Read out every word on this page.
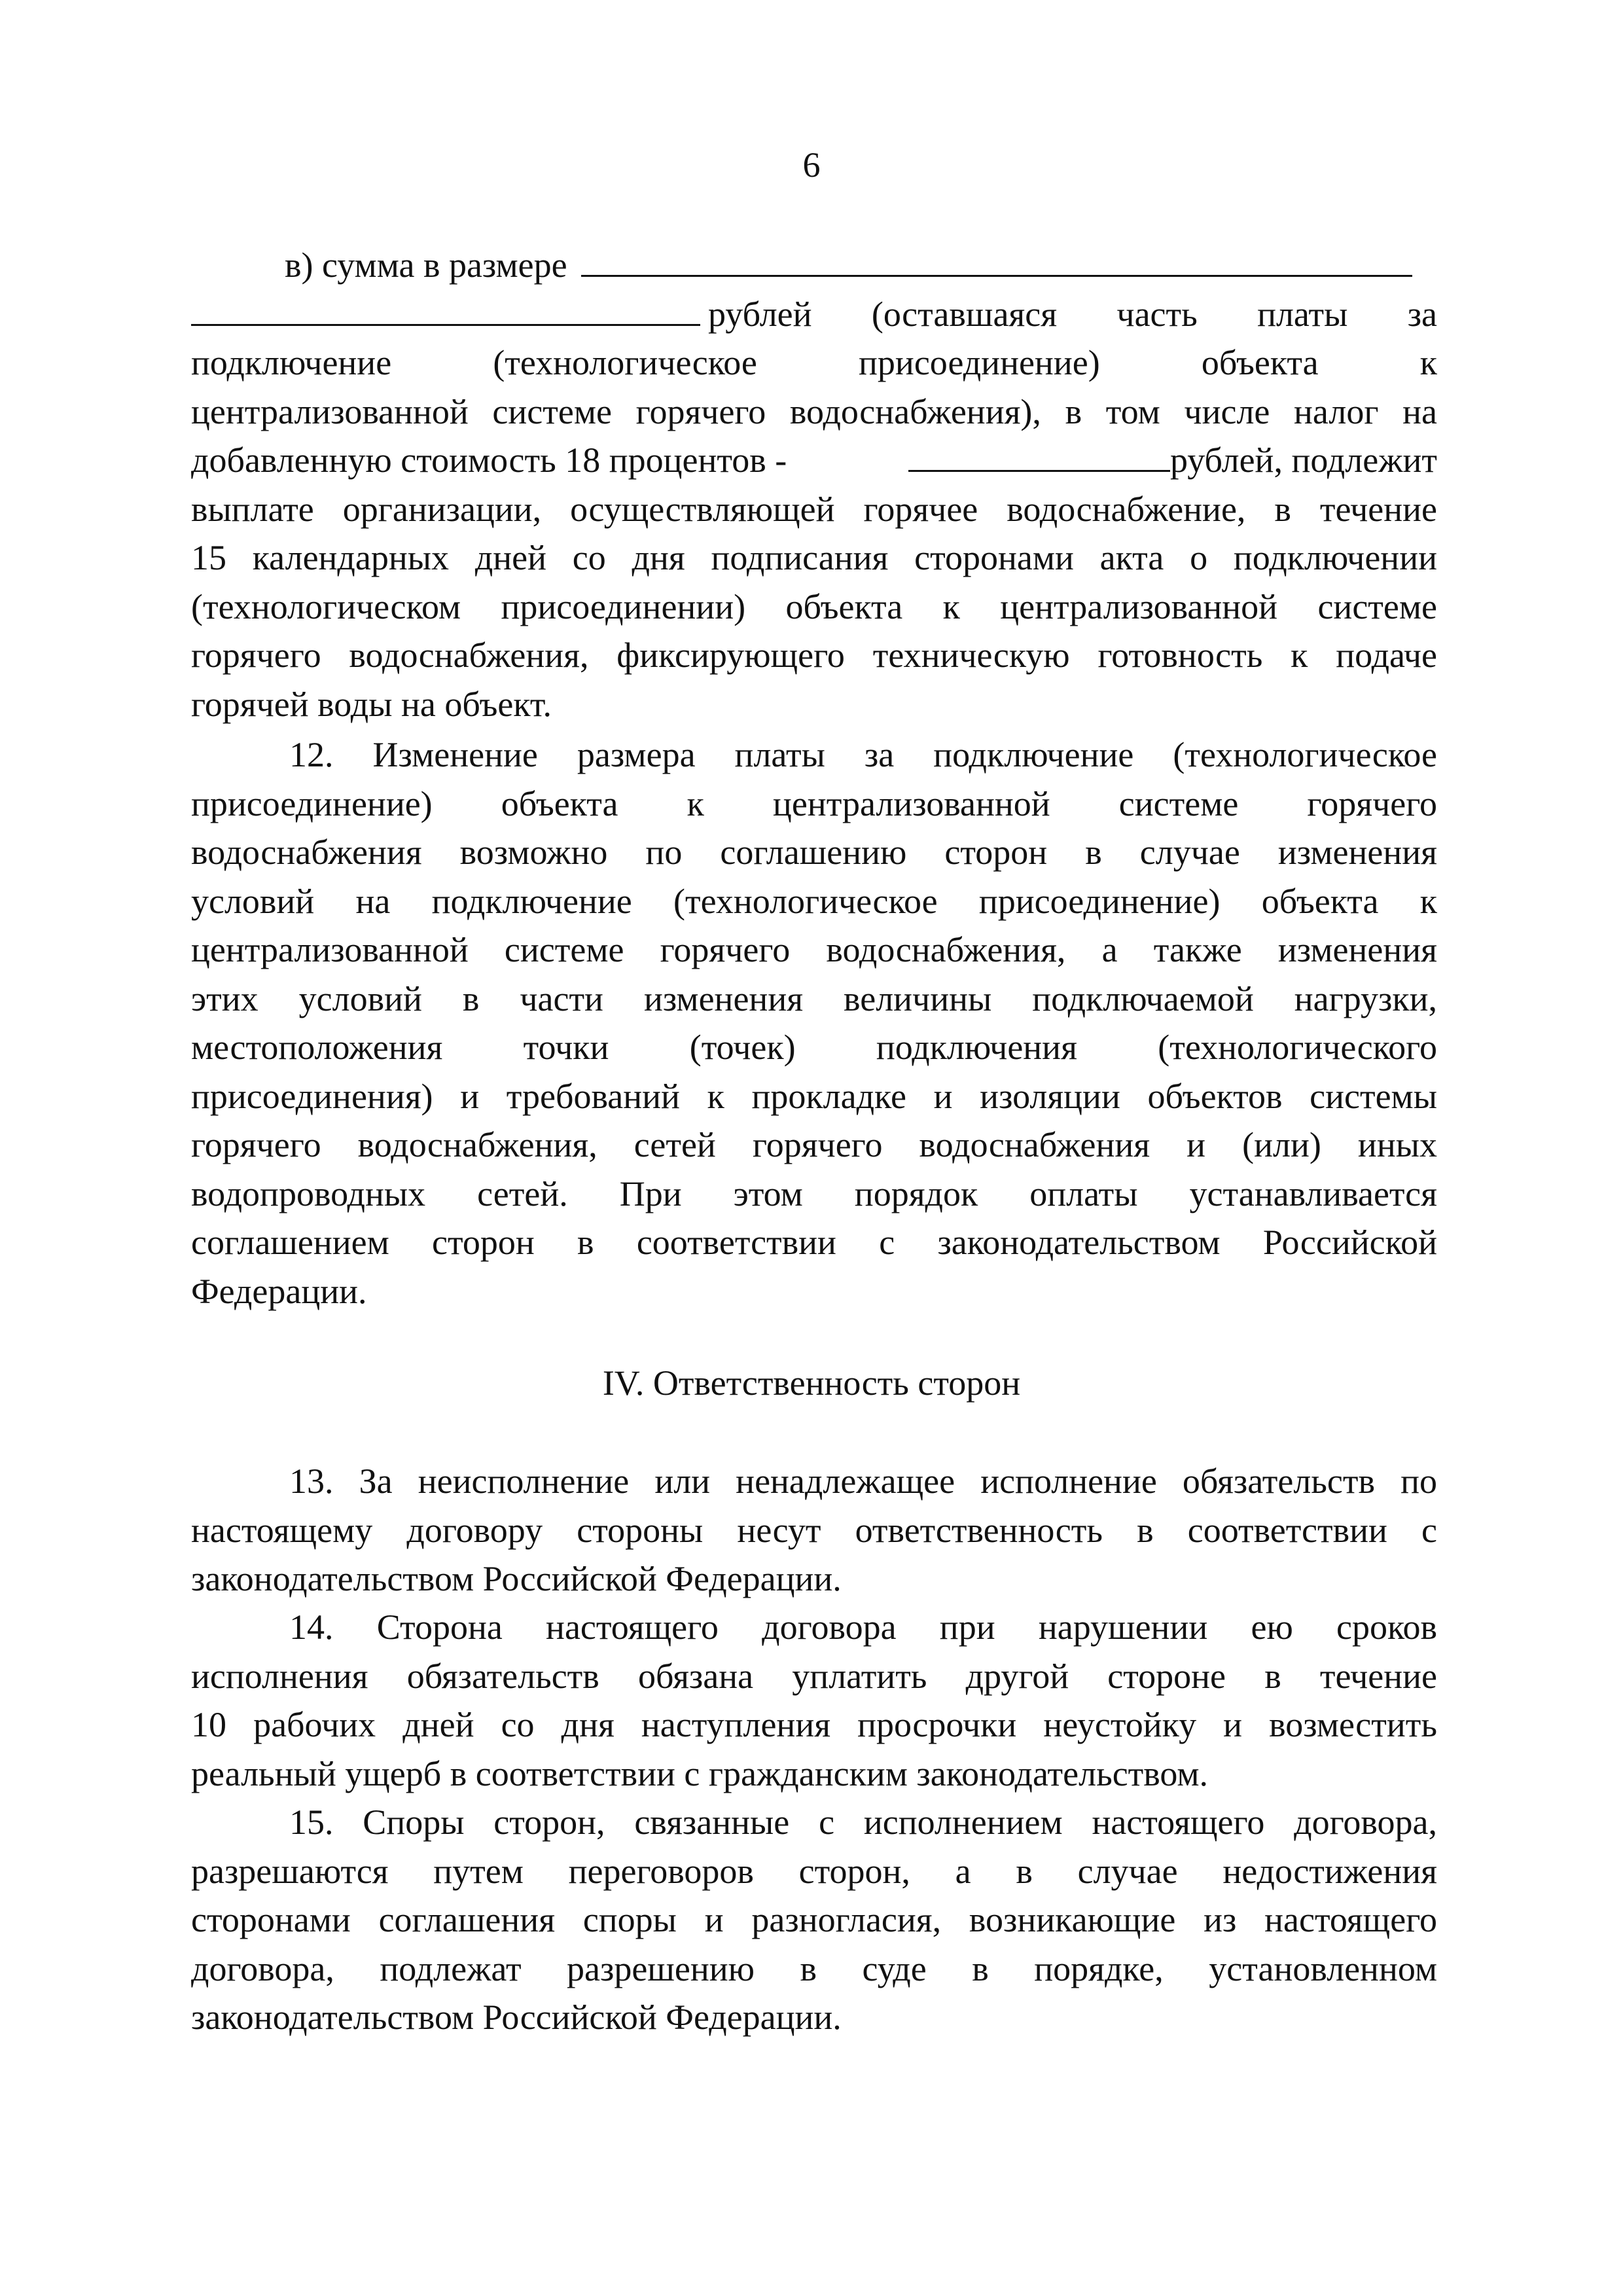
6
в) сумма в размере
рублей (оставшаяся часть платы за
подключение	(технологическое	присоединение)	объекта	к
централизованной системе горячего водоснабжения), в том числе налог на
добавленную стоимость 18 процентов -	рублей, подлежит
выплате организации, осуществляющей горячее водоснабжение, в течение
15 календарных дней со дня подписания сторонами акта о подключении
(технологическом присоединении) объекта к централизованной системе
горячего водоснабжения, фиксирующего техническую готовность к подаче
горячей воды на объект.
12. Изменение размера платы за подключение (технологическое
присоединение) объекта к централизованной системе горячего
водоснабжения возможно по соглашению сторон в случае изменения
условий на подключение (технологическое присоединение) объекта к
централизованной системе горячего водоснабжения, а также изменения
этих условий в части изменения величины подключаемой нагрузки,
местоположения точки (точек) подключения (технологического
присоединения) и требований к прокладке и изоляции объектов системы
горячего водоснабжения, сетей горячего водоснабжения и (или) иных
водопроводных сетей. При этом порядок оплаты устанавливается
соглашением сторон в соответствии с законодательством Российской
Федерации.
IV. Ответственность сторон
13. За неисполнение или ненадлежащее исполнение обязательств по
настоящему договору стороны несут ответственность в соответствии с
законодательством Российской Федерации.
14. Сторона настоящего договора при нарушении ею сроков
исполнения обязательств обязана уплатить другой стороне в течение
10 рабочих дней со дня наступления просрочки неустойку и возместить
реальный ущерб в соответствии с гражданским законодательством.
15. Споры сторон, связанные с исполнением настоящего договора,
разрешаются путем переговоров сторон, а в случае недостижения
сторонами соглашения споры и разногласия, возникающие из настоящего
договора, подлежат разрешению в суде в порядке, установленном
законодательством Российской Федерации.
